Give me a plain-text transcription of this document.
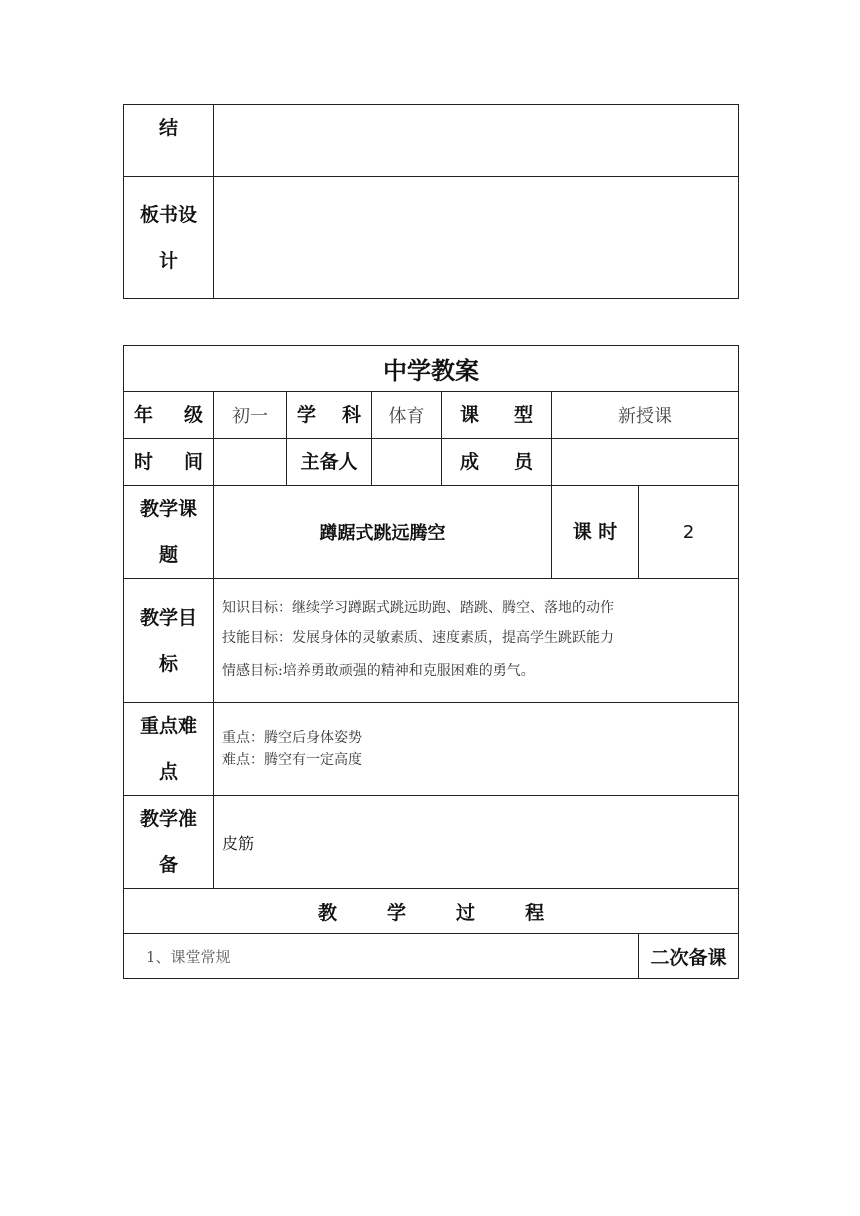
结	

板书设计	

中学教案						

年 级	初一	学 科	体育	课 型	新授课	

时 间		主备人		成 员		

教学课题	蹲踞式跳远腾空				课 时	2

教学目标	知识目标：继续学习蹲踞式跳远助跑、踏跳、腾空、落地的动作

技能目标：发展身体的灵敏素质、速度素质，提高学生跳跃能力

情感目标:培养勇敢顽强的精神和克服困难的勇气。					

重点难点	重点：腾空后身体姿势

难点：腾空有一定高度					

教学准备	皮筋					

教 学 过 程						

1、课堂常规						二次备课
